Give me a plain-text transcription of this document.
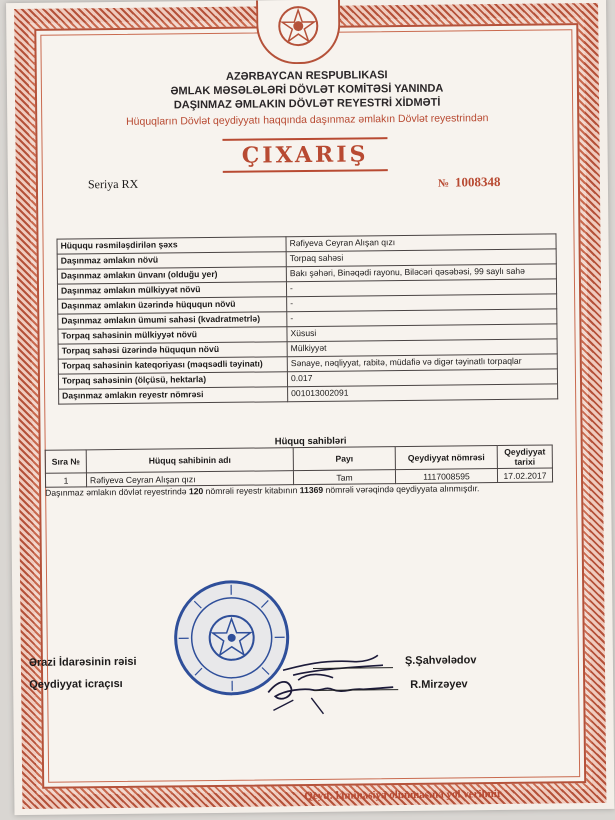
AZƏRBAYCAN RESPUBLIKASI
ƏMLAK MƏSƏLƏLƏRİ DÖVLƏT KOMİTƏSİ YANINDA
DAŞINMAZ ƏMLAKIN DÖVLƏT REYESTRİ XİDMƏTİ
Hüquqların Dövlət qeydiyyatı haqqında daşınmaz əmlakın Dövlət reyestrindən
ÇIXARIŞ
Seriya RX	№ 1008348
Hüququ rəsmiləşdirilən şəxs	Rəfiyeva Ceyran Alışan qızı
Daşınmaz əmlakın növü	Torpaq sahəsi
Daşınmaz əmlakın ünvanı (olduğu yer)	Bakı şəhəri, Binəqədi rayonu, Biləcəri qəsəbəsi, 99 saylı sahə
Daşınmaz əmlakın mülkiyyət növü	-
Daşınmaz əmlakın üzərində hüququn növü	-
Daşınmaz əmlakın ümumi sahəsi (kvadratmetrlə)	-
Torpaq sahəsinin mülkiyyət növü	Xüsusi
Torpaq sahəsi üzərində hüququn növü	Mülkiyyət
Torpaq sahəsinin kateqoriyası (məqsədli təyinatı)	Sənaye, nəqliyyat, rabitə, müdafiə və digər təyinatlı torpaqlar
Torpaq sahəsinin (ölçüsü, hektarla)	0.017
Daşınmaz əmlakın reyestr nömrəsi	001013002091
Hüquq sahibləri
Sıra №	Hüquq sahibinin adı	Payı	Qeydiyyat nömrəsi	Qeydiyyat tarixi
1	Rəfiyeva Ceyran Alışan qızı	Tam	1117008595	17.02.2017
Daşınmaz əmlakın dövlət reyestrində 120 nömrəli reyestr kitabının 11369 nömrəli vərəqində qeydiyyata alınmışdır.
Ərazi İdarəsinin rəisi
Qeydiyyat icraçısı
Ş.Şahvələdov
R.Mirzəyev
Qeyd: laminasiya olunmasına yol verilmir
